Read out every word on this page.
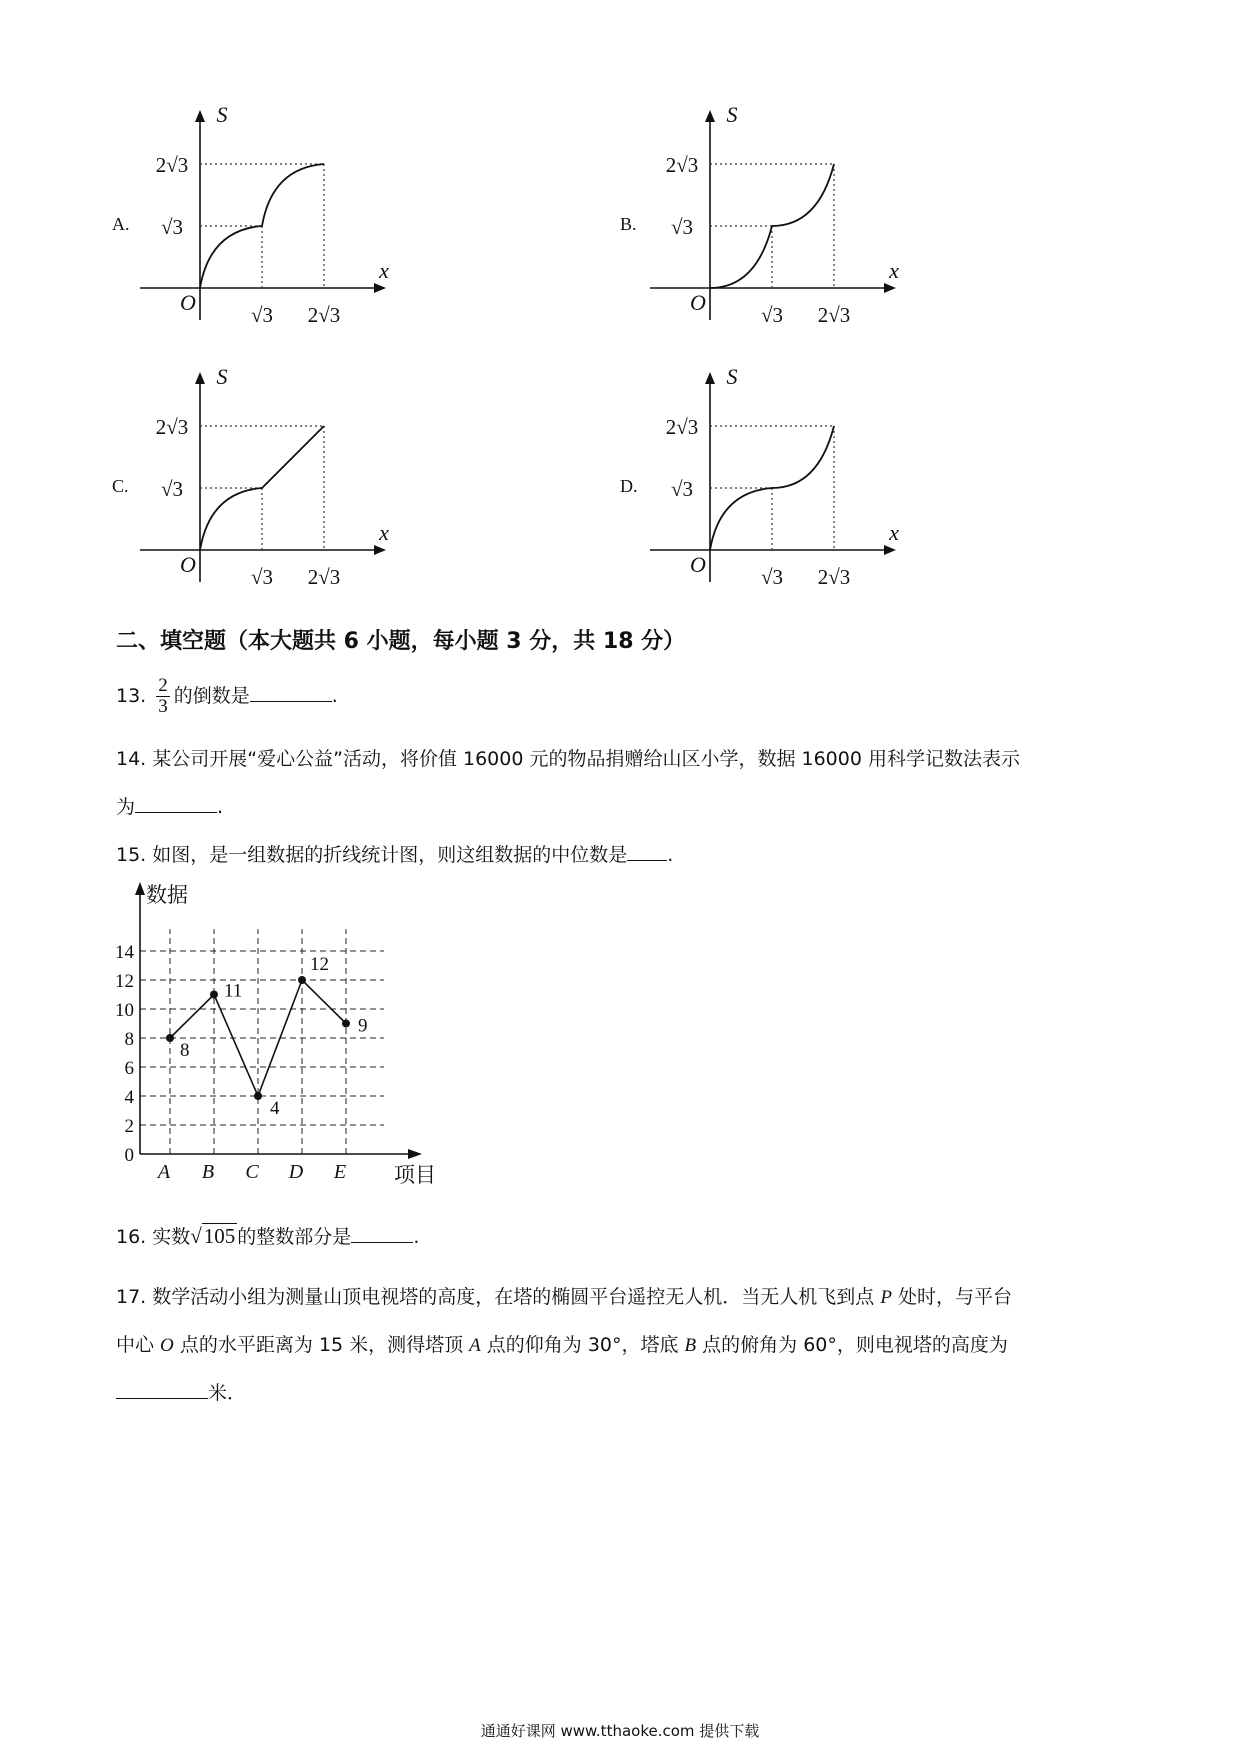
A.
S
x
O
√3
2√3
√3 2√3
B.
S
x
O
√3
2√3
√3 2√3
C.
S
x
O
√3
2√3
√3 2√3
D.
S
x
O
√3
2√3
√3 2√3
二、填空题（本大题共 6 小题，每小题 3 分，共 18 分）
13. $\frac{2}{3}$ 的倒数是	.
14. 某公司开展“爱心公益”活动，将价值 16000 元的物品捐赠给山区小学，数据 16000 用科学记数法表示
为	.
15. 如图，是一组数据的折线统计图，则这组数据的中位数是 .
数据
项目
0
2
4
6
8
10
12
14
A B C D E
8
11
4
12
9
16. 实数√105 的整数部分是	.
17. 数学活动小组为测量山顶电视塔的高度，在塔的椭圆平台遥控无人机．当无人机飞到点 P 处时，与平台
中心 O 点的水平距离为 15 米，测得塔顶 A 点的仰角为 30°，塔底 B 点的俯角为 60°，则电视塔的高度为
米．
通通好课网 www.tthaoke.com 提供下载
